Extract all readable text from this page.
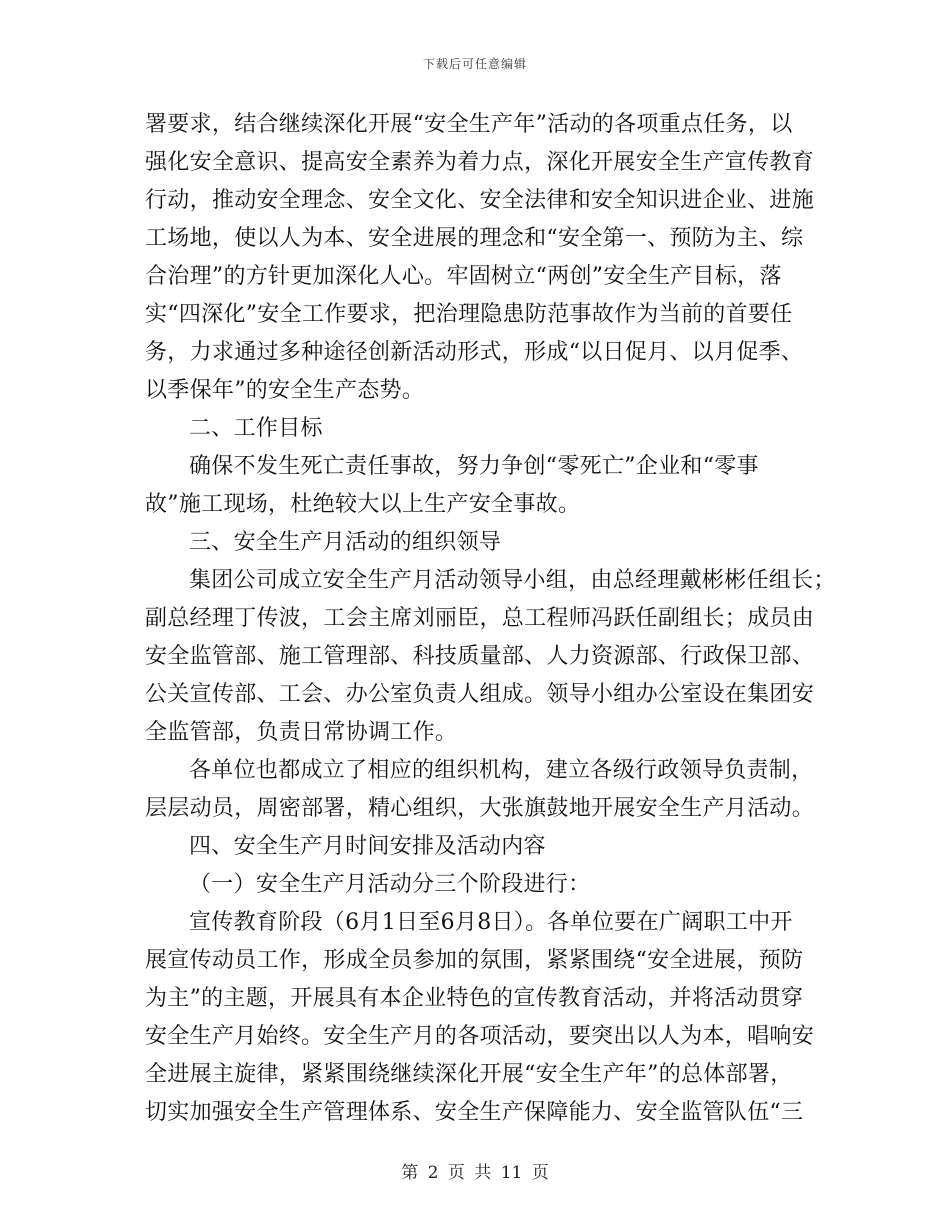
下载后可任意编辑
署要求，结合继续深化开展“安全生产年”活动的各项重点任务，以
强化安全意识、提高安全素养为着力点，深化开展安全生产宣传教育
行动，推动安全理念、安全文化、安全法律和安全知识进企业、进施
工场地，使以人为本、安全进展的理念和“安全第一、预防为主、综
合治理”的方针更加深化人心。牢固树立“两创”安全生产目标，落
实“四深化”安全工作要求，把治理隐患防范事故作为当前的首要任
务，力求通过多种途径创新活动形式，形成“以日促月、以月促季、
以季保年”的安全生产态势。
二、工作目标
确保不发生死亡责任事故，努力争创“零死亡”企业和“零事
故”施工现场，杜绝较大以上生产安全事故。
三、安全生产月活动的组织领导
集团公司成立安全生产月活动领导小组，由总经理戴彬彬任组长；
副总经理丁传波，工会主席刘丽臣，总工程师冯跃任副组长；成员由
安全监管部、施工管理部、科技质量部、人力资源部、行政保卫部、
公关宣传部、工会、办公室负责人组成。领导小组办公室设在集团安
全监管部，负责日常协调工作。
各单位也都成立了相应的组织机构，建立各级行政领导负责制，
层层动员，周密部署，精心组织，大张旗鼓地开展安全生产月活动。
四、安全生产月时间安排及活动内容
（一）安全生产月活动分三个阶段进行：
宣传教育阶段（6月1日至6月8日）。各单位要在广阔职工中开
展宣传动员工作，形成全员参加的氛围，紧紧围绕“安全进展，预防
为主”的主题，开展具有本企业特色的宣传教育活动，并将活动贯穿
安全生产月始终。安全生产月的各项活动，要突出以人为本，唱响安
全进展主旋律，紧紧围绕继续深化开展“安全生产年”的总体部署，
切实加强安全生产管理体系、安全生产保障能力、安全监管队伍“三
第 2 页 共 11 页
